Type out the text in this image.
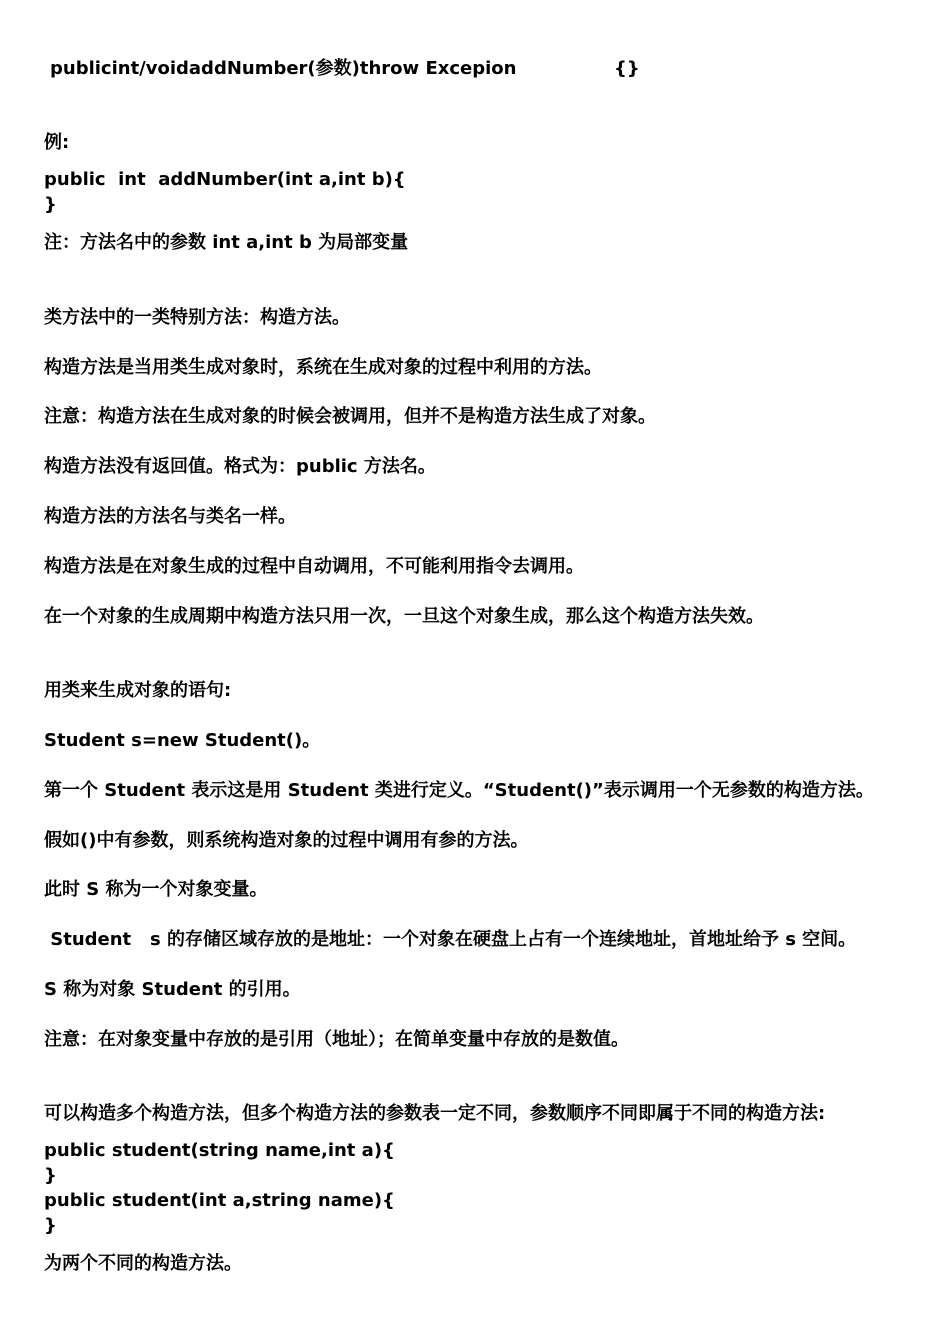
publicint/voidaddNumber(参数)throw Excepion	{}
例:
public  int  addNumber(int a,int b){
}
注：方法名中的参数 int a,int b 为局部变量
类方法中的一类特别方法：构造方法。
构造方法是当用类生成对象时，系统在生成对象的过程中利用的方法。
注意：构造方法在生成对象的时候会被调用，但并不是构造方法生成了对象。
构造方法没有返回值。格式为：public 方法名。
构造方法的方法名与类名一样。
构造方法是在对象生成的过程中自动调用，不可能利用指令去调用。
在一个对象的生成周期中构造方法只用一次，一旦这个对象生成，那么这个构造方法失效。
用类来生成对象的语句:
Student s=new Student()。
第一个 Student 表示这是用 Student 类进行定义。“Student()”表示调用一个无参数的构造方法。
假如()中有参数，则系统构造对象的过程中调用有参的方法。
此时 S 称为一个对象变量。
Student   s 的存储区域存放的是地址：一个对象在硬盘上占有一个连续地址，首地址给予 s 空间。
S 称为对象 Student 的引用。
注意：在对象变量中存放的是引用（地址）；在简单变量中存放的是数值。
可以构造多个构造方法，但多个构造方法的参数表一定不同，参数顺序不同即属于不同的构造方法:
public student(string name,int a){
}
public student(int a,string name){
}
为两个不同的构造方法。
